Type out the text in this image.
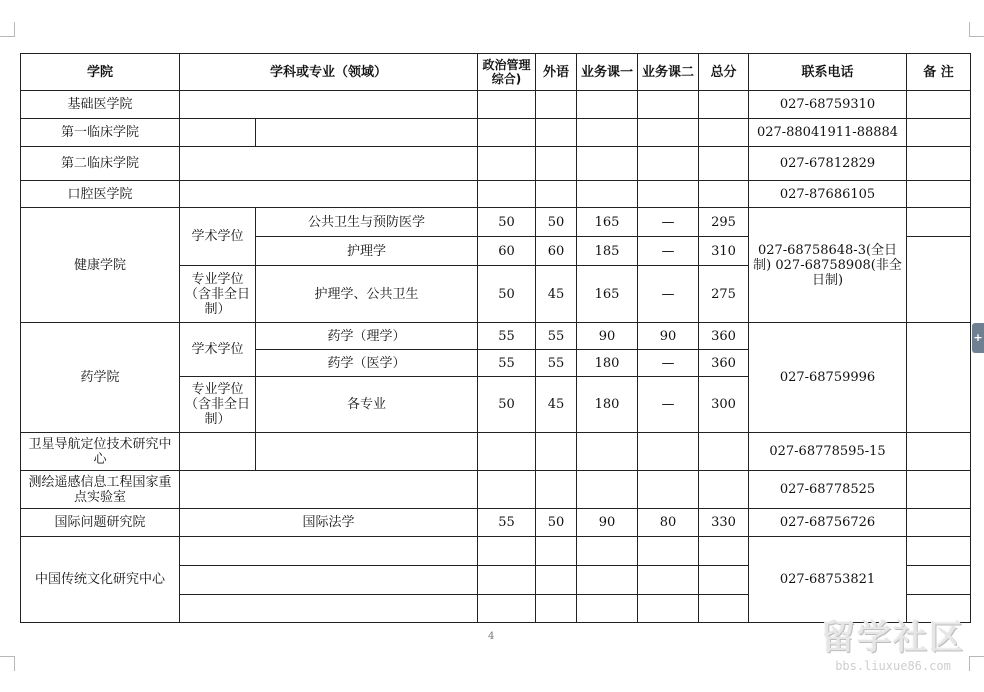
学院	学科或专业（领域）		政治管理综合)	外语	业务课一	业务课二	总分	联系电话	备 注
基础医学院								027-68759310	
第一临床学院								027-88041911-88884	
第二临床学院								027-67812829	
口腔医学院								027-87686105	
健康学院	学术学位	公共卫生与预防医学	50	50	165	—	295	027-68758648-3(全日制) 027-68758908(非全日制)	
		护理学	60	60	185	—	310		
	专业学位（含非全日制）	护理学、公共卫生	50	45	165	—	275		
药学院	学术学位	药学（理学）	55	55	90	90	360	027-68759996	
		药学（医学）	55	55	180	—	360		
	专业学位（含非全日制）	各专业	50	45	180	—	300		
卫星导航定位技术研究中心								027-68778595-15	
测绘遥感信息工程国家重点实验室								027-68778525	
国际问题研究院	国际法学		55	50	90	80	330	027-68756726	
中国传统文化研究中心								027-68753821	

4
+
留学社区
bbs.liuxue86.com
